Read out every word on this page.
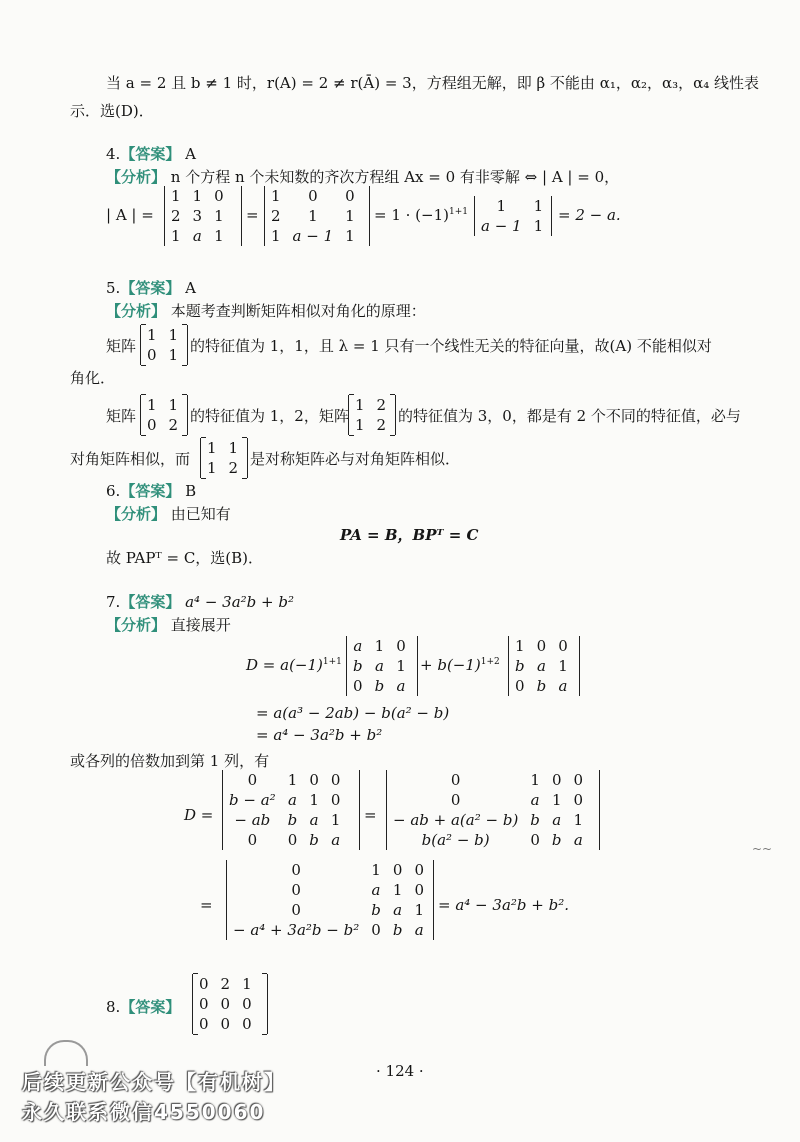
当 a = 2 且 b ≠ 1 时，r(A) = 2 ≠ r(Ā) = 3，方程组无解，即 β 不能由 α₁，α₂，α₃，α₄ 线性表
示．选(D)．
4.【答案】 A
【分析】 n 个方程 n 个未知数的齐次方程组 Ax = 0 有非零解 ⇔ | A | = 0，
| A | =
1	1	0
2	3	1
1	a	1
=
1	0	0
2	1	1
1	a − 1	1
= $1 \cdot (-1)^{1+1}$ 1	1
a − 1	1
= 2 − a.
5.【答案】 A
【分析】 本题考查判断矩阵相似对角化的原理：
矩阵
1	1
0	1 的特征值为 1，1，且 λ = 1 只有一个线性无关的特征向量，故(A) 不能相似对
角化．
矩阵
1	1
0	2 的特征值为 1，2，矩阵
1	2
1	2 的特征值为 3，0，都是有 2 个不同的特征值，必与
对角矩阵相似，而
1	1
1	2 是对称矩阵必与对角矩阵相似．
6.【答案】 B
【分析】 由已知有
PA = B，BPᵀ = C
故 PAPᵀ = C，选(B)．
7.【答案】 a⁴ − 3a²b + b²
【分析】 直接展开
$D = a(-1)^{1+1}$
a	1	0
b	a	1
0	b	a
+ $b(-1)^{1+2}$
1	0	0
b	a	1
0	b	a
= a(a³ − 2ab) − b(a² − b)
= a⁴ − 3a²b + b²
或各列的倍数加到第 1 列，有
D =
0	1	0	0
b − a²	a	1	0
− ab	b	a	1
0	0	b	a
=
0	1	0	0
0	a	1	0
− ab + a(a² − b)	b	a	1
b(a² − b)	0	b	a
=
0	1	0	0
0	a	1	0
0	b	a	1
− a⁴ + 3a²b − b²	0	b	a
= a⁴ − 3a²b + b².
~~
8.【答案】
0	2	1
0	0	0
0	0	0
· 124 ·
后续更新公众号【有机树】
永久联系微信4550060
